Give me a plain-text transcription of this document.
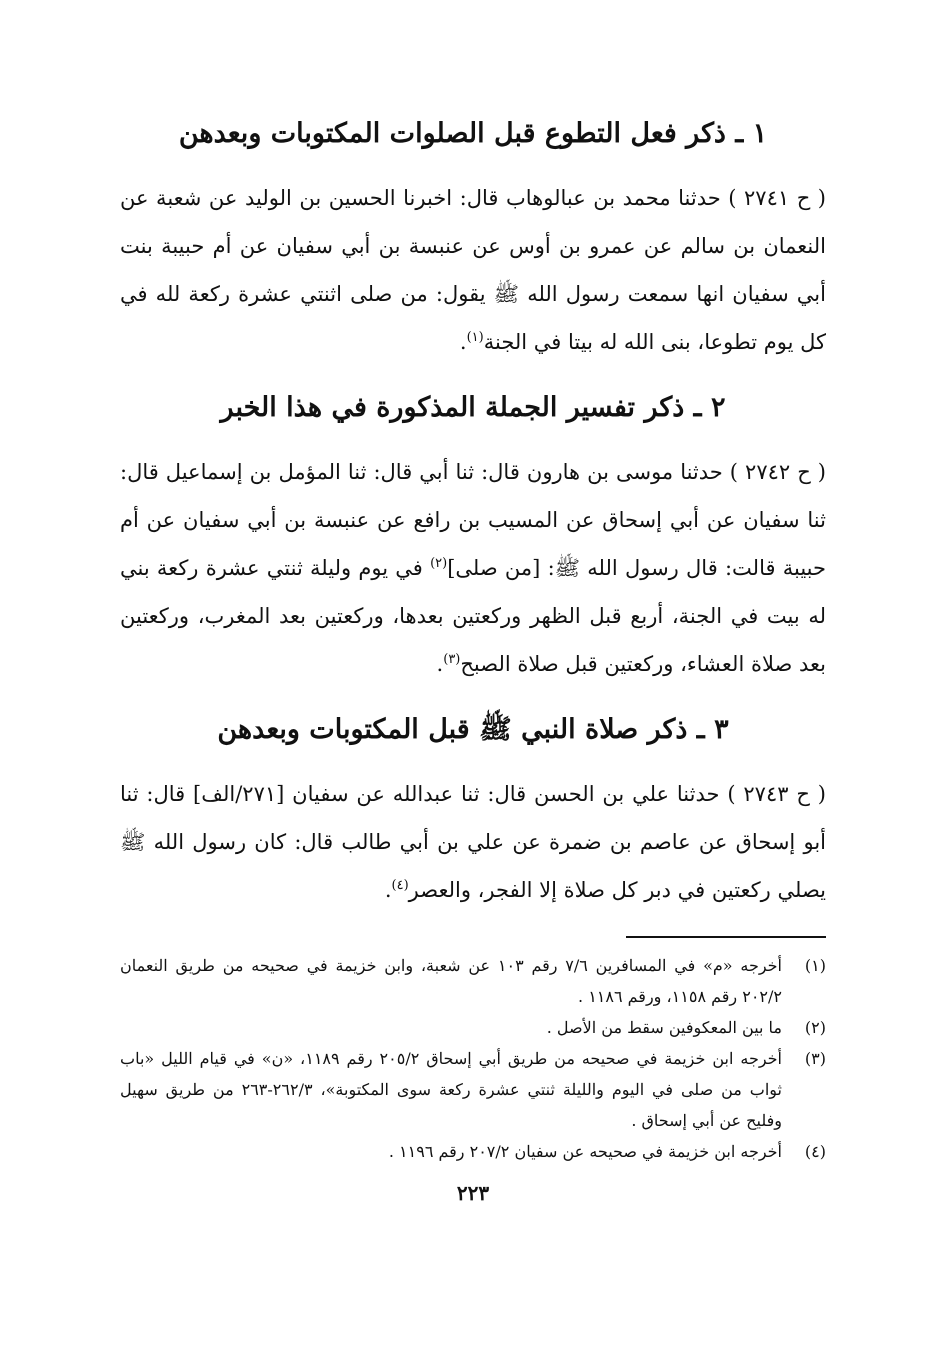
١ ـ ذكر فعل التطوع قبل الصلوات المكتوبات وبعدهن

( ح ٢٧٤١ ) حدثنا محمد بن عبالوهاب قال: اخبرنا الحسين بن الوليد عن شعبة عن النعمان بن سالم عن عمرو بن أوس عن عنبسة بن أبي سفيان عن أم حبيبة بنت أبي سفيان انها سمعت رسول الله ﷺ يقول: من صلى اثنتي عشرة ركعة لله في كل يوم تطوعا، بنى الله له بيتا في الجنة$^{(١)}$.

٢ ـ ذكر تفسير الجملة المذكورة في هذا الخبر

( ح ٢٧٤٢ ) حدثنا موسى بن هارون قال: ثنا أبي قال: ثنا المؤمل بن إسماعيل قال: ثنا سفيان عن أبي إسحاق عن المسيب بن رافع عن عنبسة بن أبي سفيان عن أم حبيبة قالت: قال رسول الله ﷺ: [من صلى]$^{(٢)}$ في يوم وليلة ثنتي عشرة ركعة بني له بيت في الجنة، أربع قبل الظهر وركعتين بعدها، وركعتين بعد المغرب، وركعتين بعد صلاة العشاء، وركعتين قبل صلاة الصبح$^{(٣)}$.

٣ ـ ذكر صلاة النبي ﷺ قبل المكتوبات وبعدهن

( ح ٢٧٤٣ ) حدثنا علي بن الحسن قال: ثنا عبدالله عن سفيان [٢٧١/الف] قال: ثنا أبو إسحاق عن عاصم بن ضمرة عن علي بن أبي طالب قال: كان رسول الله ﷺ يصلي ركعتين في دبر كل صلاة إلا الفجر، والعصر$^{(٤)}$.

(١)
أخرجه «م» في المسافرين ٧/٦ رقم ١٠٣ عن شعبة، وابن خزيمة في صحيحه من طريق النعمان ٢٠٢/٢ رقم ١١٥٨، ورقم ١١٨٦ .
(٢)
ما بين المعكوفين سقط من الأصل .
(٣)
أخرجه ابن خزيمة في صحيحه من طريق أبي إسحاق ٢٠٥/٢ رقم ١١٨٩، «ن» في قيام الليل «باب ثواب من صلى في اليوم والليلة ثنتي عشرة ركعة سوى المكتوبة»، ٢٦٢/٣-٢٦٣ من طريق سهيل وفليح عن أبي إسحاق .
(٤)
أخرجه ابن خزيمة في صحيحه عن سفيان ٢٠٧/٢ رقم ١١٩٦ .
٢٢٣
